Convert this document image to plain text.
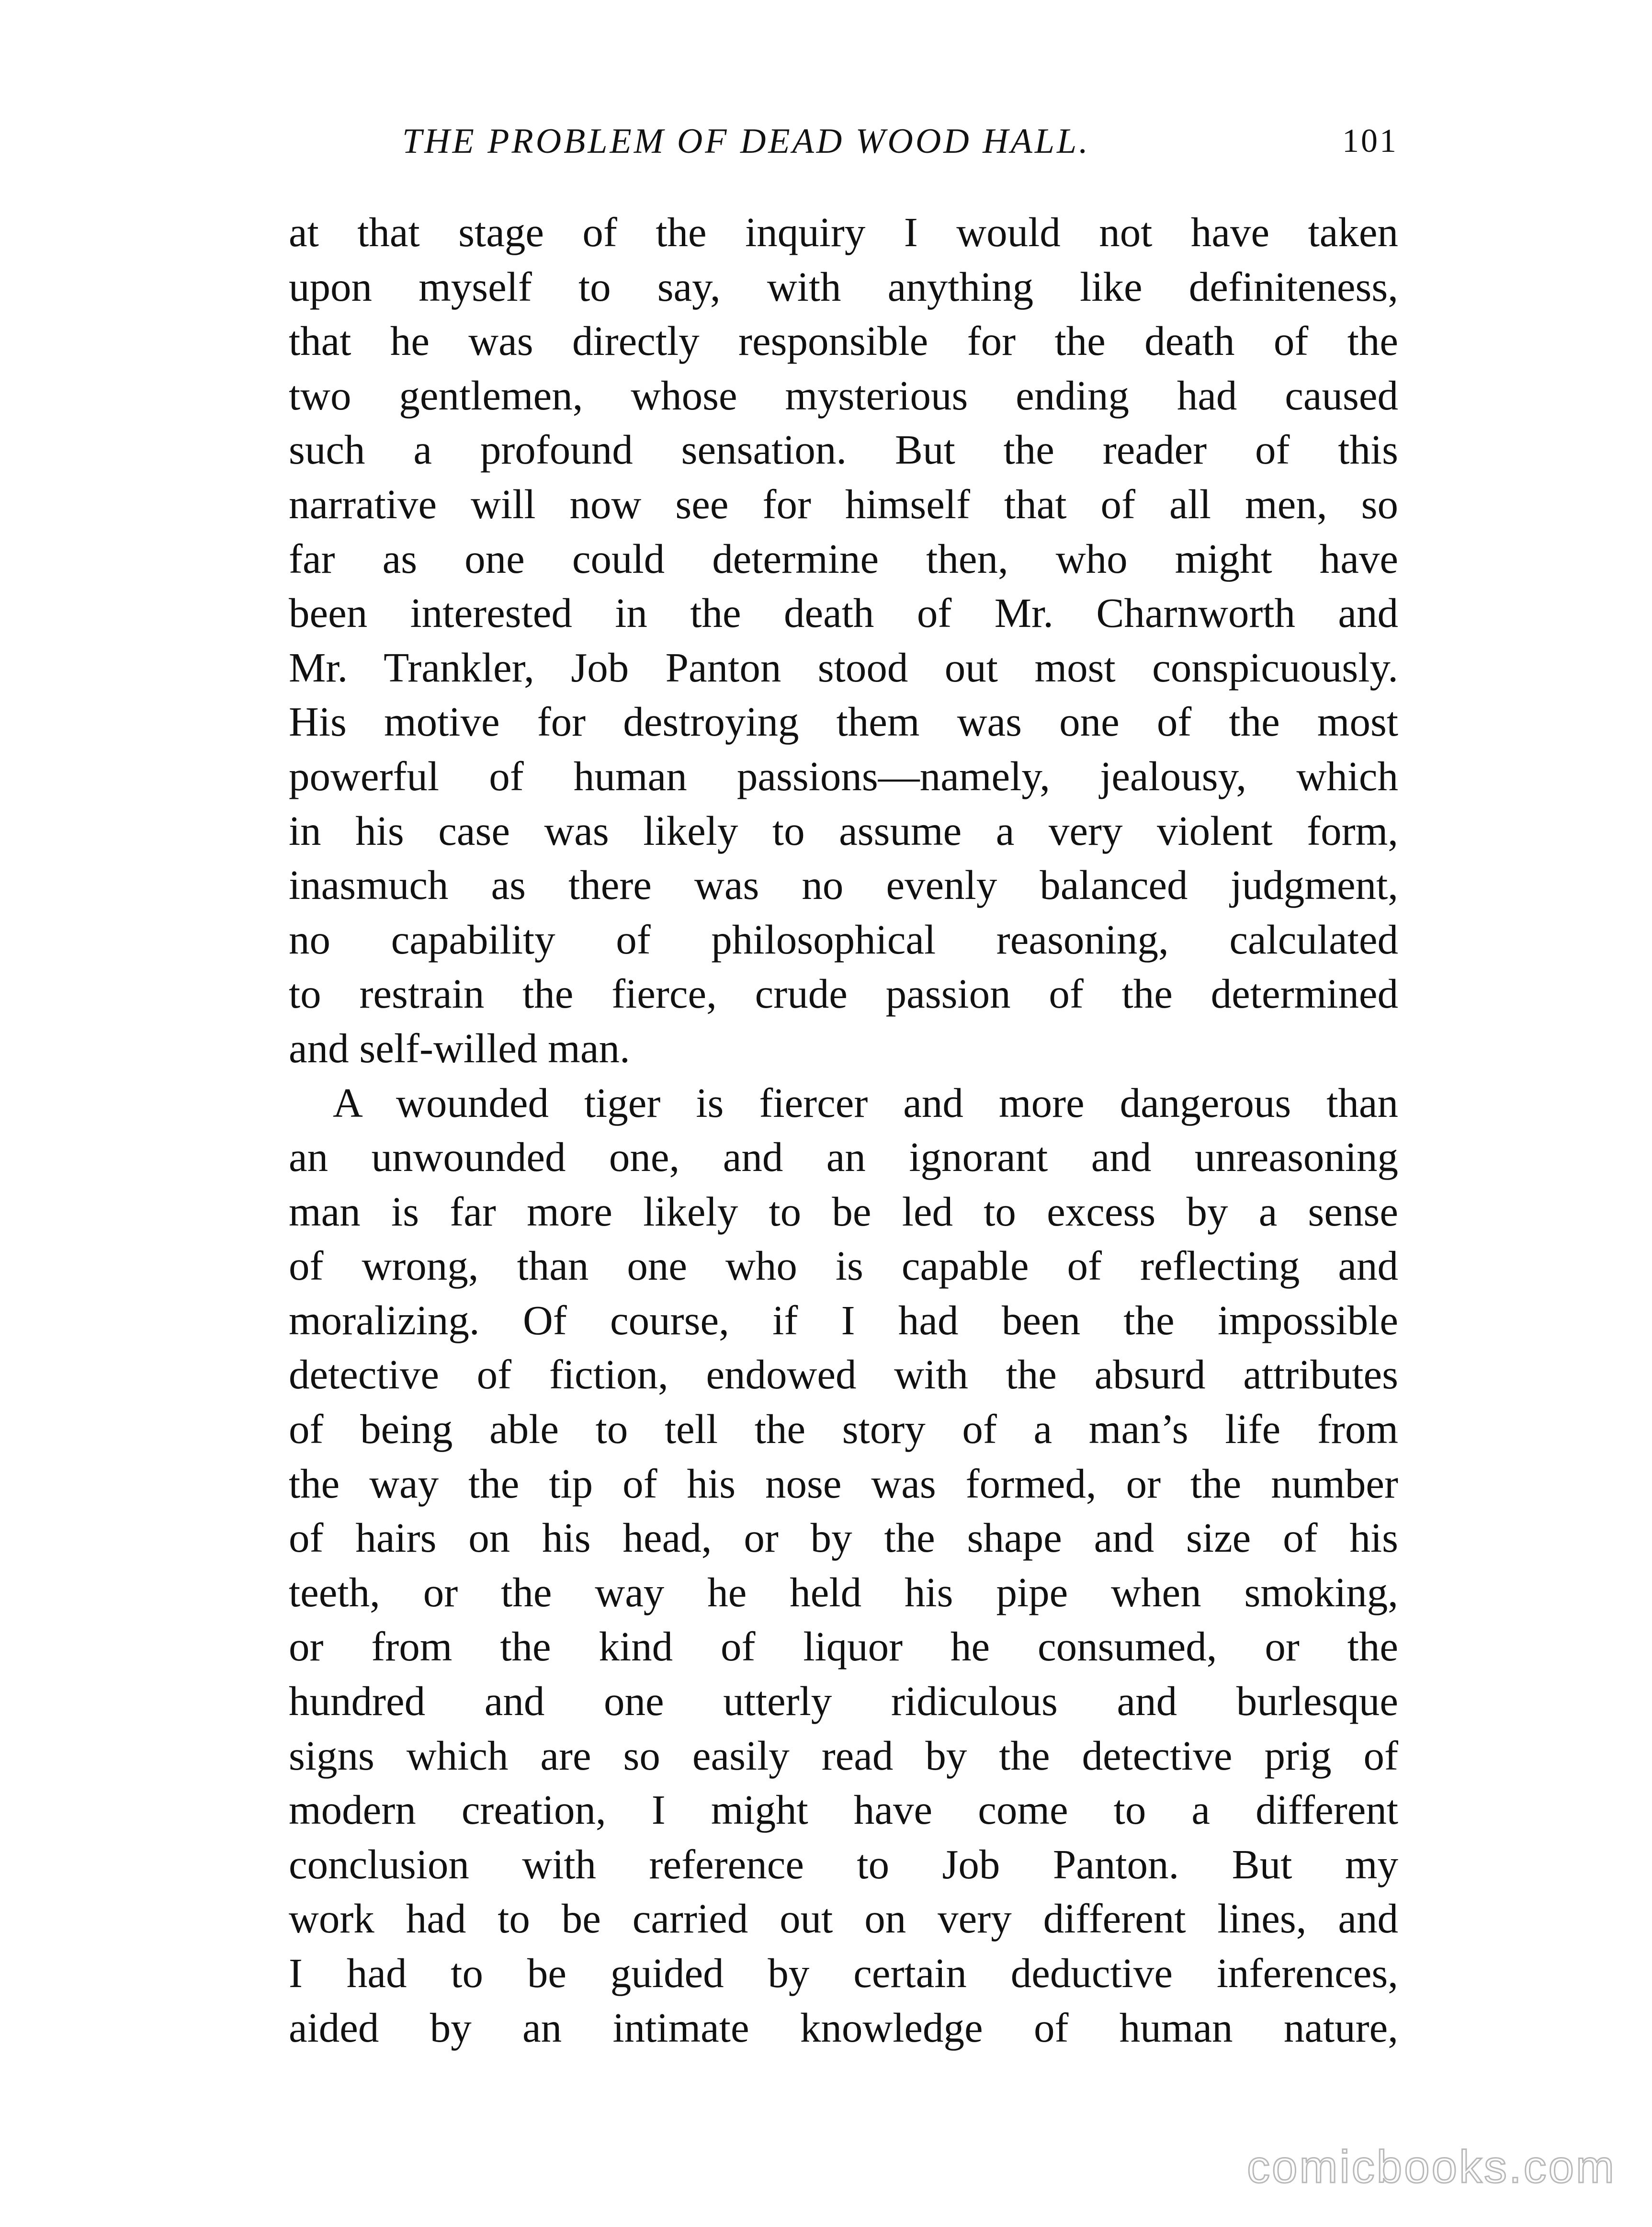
THE PROBLEM OF DEAD WOOD HALL.	101
at that stage of the inquiry I would not have taken
upon myself to say, with anything like definiteness,
that he was directly responsible for the death of the
two gentlemen, whose mysterious ending had caused
such a profound sensation. But the reader of this
narrative will now see for himself that of all men, so
far as one could determine then, who might have
been interested in the death of Mr. Charnworth and
Mr. Trankler, Job Panton stood out most conspicuously.
His motive for destroying them was one of the most
powerful of human passions—namely, jealousy, which
in his case was likely to assume a very violent form,
inasmuch as there was no evenly balanced judgment,
no capability of philosophical reasoning, calculated
to restrain the fierce, crude passion of the determined
and self-willed man.
A wounded tiger is fiercer and more dangerous than
an unwounded one, and an ignorant and unreasoning
man is far more likely to be led to excess by a sense
of wrong, than one who is capable of reflecting and
moralizing. Of course, if I had been the impossible
detective of fiction, endowed with the absurd attributes
of being able to tell the story of a man’s life from
the way the tip of his nose was formed, or the number
of hairs on his head, or by the shape and size of his
teeth, or the way he held his pipe when smoking,
or from the kind of liquor he consumed, or the
hundred and one utterly ridiculous and burlesque
signs which are so easily read by the detective prig of
modern creation, I might have come to a different
conclusion with reference to Job Panton. But my
work had to be carried out on very different lines, and
I had to be guided by certain deductive inferences,
aided by an intimate knowledge of human nature,
comicbooks.com
